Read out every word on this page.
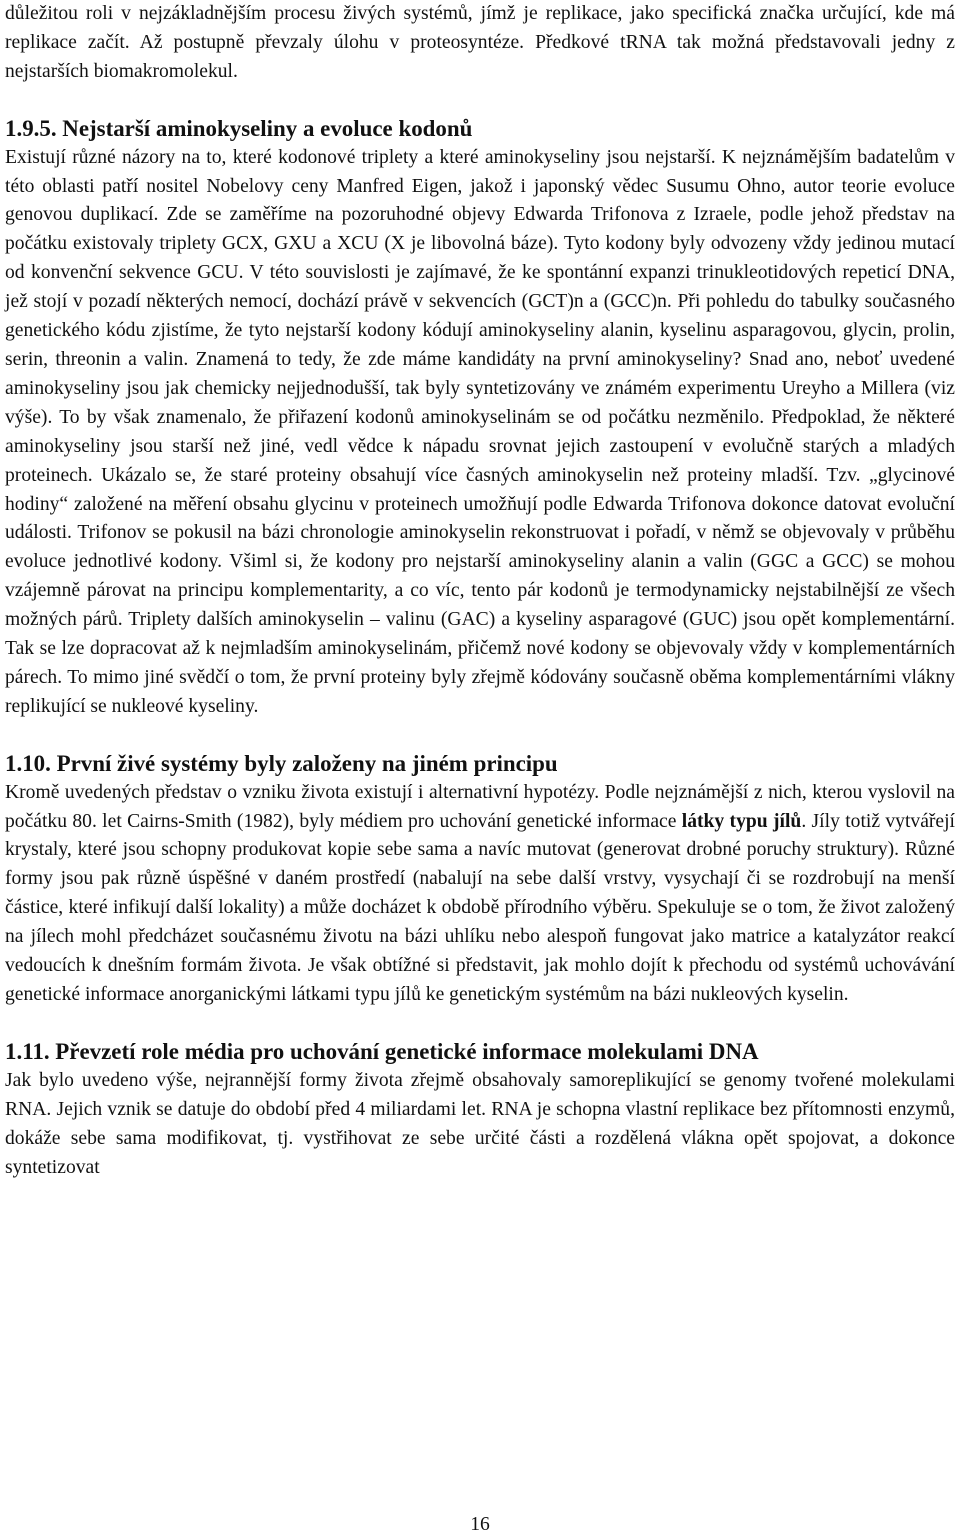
důležitou roli v nejzákladnějším procesu živých systémů, jímž je replikace, jako specifická značka určující, kde má replikace začít. Až postupně převzaly úlohu v proteosyntéze. Předkové tRNA tak možná představovali jedny z nejstarších biomakromolekul.

1.9.5. Nejstarší aminokyseliny a evoluce kodonů

Existují různé názory na to, které kodonové triplety a které aminokyseliny jsou nejstarší. K nejznámějším badatelům v této oblasti patří nositel Nobelovy ceny Manfred Eigen, jakož i japonský vědec Susumu Ohno, autor teorie evoluce genovou duplikací. Zde se zaměříme na pozoruhodné objevy Edwarda Trifonova z Izraele, podle jehož představ na počátku existovaly triplety GCX, GXU a XCU (X je libovolná báze). Tyto kodony byly odvozeny vždy jedinou mutací od konvenční sekvence GCU. V této souvislosti je zajímavé, že ke spontánní expanzi trinukleotidových repeticí DNA, jež stojí v pozadí některých nemocí, dochází právě v sekvencích (GCT)n a (GCC)n. Při pohledu do tabulky současného genetického kódu zjistíme, že tyto nejstarší kodony kódují aminokyseliny alanin, kyselinu asparagovou, glycin, prolin, serin, threonin a valin. Znamená to tedy, že zde máme kandidáty na první aminokyseliny? Snad ano, neboť uvedené aminokyseliny jsou jak chemicky nejjednodušší, tak byly syntetizovány ve známém experimentu Ureyho a Millera (viz výše). To by však znamenalo, že přiřazení kodonů aminokyselinám se od počátku nezměnilo. Předpoklad, že některé aminokyseliny jsou starší než jiné, vedl vědce k nápadu srovnat jejich zastoupení v evolučně starých a mladých proteinech. Ukázalo se, že staré proteiny obsahují více časných aminokyselin než proteiny mladší. Tzv. „glycinové hodiny“ založené na měření obsahu glycinu v proteinech umožňují podle Edwarda Trifonova dokonce datovat evoluční události. Trifonov se pokusil na bázi chronologie aminokyselin rekonstruovat i pořadí, v němž se objevovaly v průběhu evoluce jednotlivé kodony. Všiml si, že kodony pro nejstarší aminokyseliny alanin a valin (GGC a GCC) se mohou vzájemně párovat na principu komplementarity, a co víc, tento pár kodonů je termodynamicky nejstabilnější ze všech možných párů. Triplety dalších aminokyselin – valinu (GAC) a kyseliny asparagové (GUC) jsou opět komplementární. Tak se lze dopracovat až k nejmladším aminokyselinám, přičemž nové kodony se objevovaly vždy v komplementárních párech. To mimo jiné svědčí o tom, že první proteiny byly zřejmě kódovány současně oběma komplementárními vlákny replikující se nukleové kyseliny.

1.10. První živé systémy byly založeny na jiném principu

Kromě uvedených představ o vzniku života existují i alternativní hypotézy. Podle nejznámější z nich, kterou vyslovil na počátku 80. let Cairns-Smith (1982), byly médiem pro uchování genetické informace látky typu jílů. Jíly totiž vytvářejí krystaly, které jsou schopny produkovat kopie sebe sama a navíc mutovat (generovat drobné poruchy struktury). Různé formy jsou pak různě úspěšné v daném prostředí (nabalují na sebe další vrstvy, vysychají či se rozdrobují na menší částice, které infikují další lokality) a může docházet k obdobě přírodního výběru. Spekuluje se o tom, že život založený na jílech mohl předcházet současnému životu na bázi uhlíku nebo alespoň fungovat jako matrice a katalyzátor reakcí vedoucích k dnešním formám života. Je však obtížné si představit, jak mohlo dojít k přechodu od systémů uchovávání genetické informace anorganickými látkami typu jílů ke genetickým systémům na bázi nukleových kyselin.

1.11. Převzetí role média pro uchování genetické informace molekulami DNA

Jak bylo uvedeno výše, nejrannější formy života zřejmě obsahovaly samoreplikující se genomy tvořené molekulami RNA. Jejich vznik se datuje do období před 4 miliardami let. RNA je schopna vlastní replikace bez přítomnosti enzymů, dokáže sebe sama modifikovat, tj. vystřihovat ze sebe určité části a rozdělená vlákna opět spojovat, a dokonce syntetizovat

16
